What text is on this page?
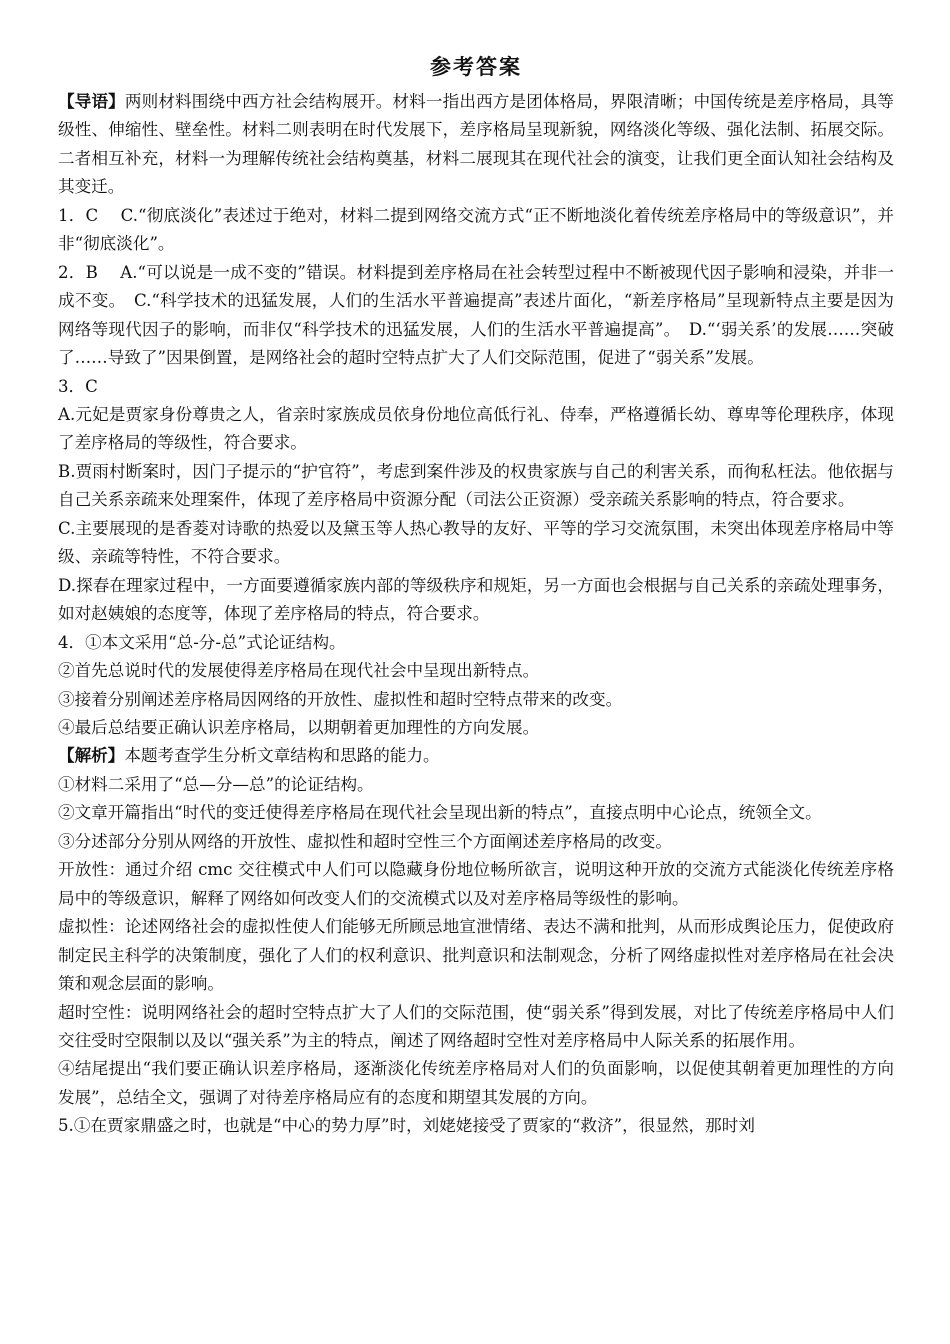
参考答案

【导语】两则材料围绕中西方社会结构展开。材料一指出西方是团体格局，界限清晰；中国传统是差序格局，具等级性、伸缩性、壁垒性。材料二则表明在时代发展下，差序格局呈现新貌，网络淡化等级、强化法制、拓展交际。二者相互补充，材料一为理解传统社会结构奠基，材料二展现其在现代社会的演变，让我们更全面认知社会结构及其变迁。

1．C　 C.“彻底淡化”表述过于绝对，材料二提到网络交流方式“正不断地淡化着传统差序格局中的等级意识”，并非“彻底淡化”。

2．B　 A.“可以说是一成不变的”错误。材料提到差序格局在社会转型过程中不断被现代因子影响和浸染，并非一成不变。　C.“科学技术的迅猛发展，人们的生活水平普遍提高”表述片面化，“新差序格局”呈现新特点主要是因为网络等现代因子的影响，而非仅“科学技术的迅猛发展，人们的生活水平普遍提高”。　D.“‘弱关系’的发展……突破了……导致了”因果倒置，是网络社会的超时空特点扩大了人们交际范围，促进了“弱关系”发展。

3．C

A.元妃是贾家身份尊贵之人，省亲时家族成员依身份地位高低行礼、侍奉，严格遵循长幼、尊卑等伦理秩序，体现了差序格局的等级性，符合要求。

B.贾雨村断案时，因门子提示的“护官符”，考虑到案件涉及的权贵家族与自己的利害关系，而徇私枉法。他依据与自己关系亲疏来处理案件，体现了差序格局中资源分配（司法公正资源）受亲疏关系影响的特点，符合要求。

C.主要展现的是香菱对诗歌的热爱以及黛玉等人热心教导的友好、平等的学习交流氛围，未突出体现差序格局中等级、亲疏等特性，不符合要求。

D.探春在理家过程中，一方面要遵循家族内部的等级秩序和规矩，另一方面也会根据与自己关系的亲疏处理事务，如对赵姨娘的态度等，体现了差序格局的特点，符合要求。

4．①本文采用“总-分-总”式论证结构。

②首先总说时代的发展使得差序格局在现代社会中呈现出新特点。

③接着分别阐述差序格局因网络的开放性、虚拟性和超时空特点带来的改变。

④最后总结要正确认识差序格局，以期朝着更加理性的方向发展。

【解析】本题考查学生分析文章结构和思路的能力。

①材料二采用了“总—分—总”的论证结构。

②文章开篇指出“时代的变迁使得差序格局在现代社会呈现出新的特点”，直接点明中心论点，统领全文。

③分述部分分别从网络的开放性、虚拟性和超时空性三个方面阐述差序格局的改变。

开放性：通过介绍 cmc 交往模式中人们可以隐藏身份地位畅所欲言，说明这种开放的交流方式能淡化传统差序格局中的等级意识，解释了网络如何改变人们的交流模式以及对差序格局等级性的影响。

虚拟性：论述网络社会的虚拟性使人们能够无所顾忌地宣泄情绪、表达不满和批判，从而形成舆论压力，促使政府制定民主科学的决策制度，强化了人们的权利意识、批判意识和法制观念，分析了网络虚拟性对差序格局在社会决策和观念层面的影响。

超时空性：说明网络社会的超时空特点扩大了人们的交际范围，使“弱关系”得到发展，对比了传统差序格局中人们交往受时空限制以及以“强关系”为主的特点，阐述了网络超时空性对差序格局中人际关系的拓展作用。

④结尾提出“我们要正确认识差序格局，逐渐淡化传统差序格局对人们的负面影响，以促使其朝着更加理性的方向发展”，总结全文，强调了对待差序格局应有的态度和期望其发展的方向。

5.①在贾家鼎盛之时，也就是“中心的势力厚”时，刘姥姥接受了贾家的“救济”，很显然，那时刘
